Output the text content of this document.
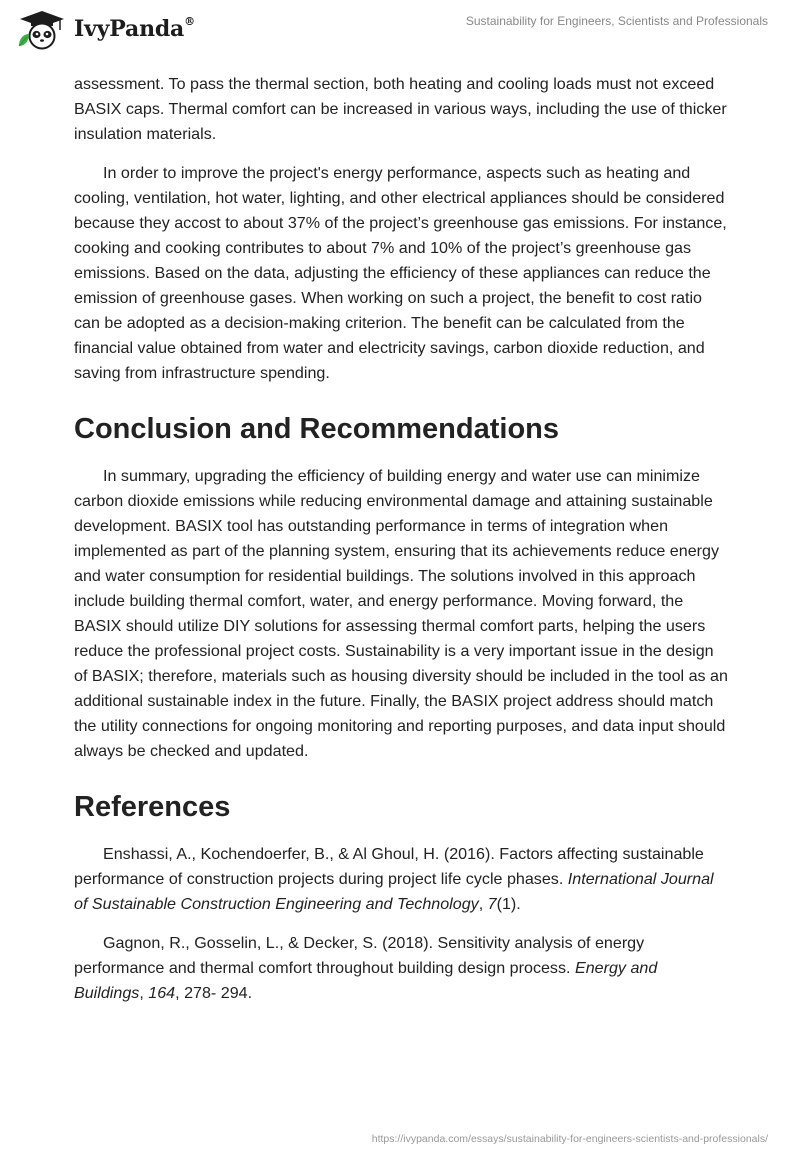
IvyPanda®	Sustainability for Engineers, Scientists and Professionals

assessment. To pass the thermal section, both heating and cooling loads must not exceed BASIX caps. Thermal comfort can be increased in various ways, including the use of thicker insulation materials.

In order to improve the project's energy performance, aspects such as heating and cooling, ventilation, hot water, lighting, and other electrical appliances should be considered because they accost to about 37% of the project’s greenhouse gas emissions. For instance, cooking and cooking contributes to about 7% and 10% of the project’s greenhouse gas emissions. Based on the data, adjusting the efficiency of these appliances can reduce the emission of greenhouse gases. When working on such a project, the benefit to cost ratio can be adopted as a decision-making criterion. The benefit can be calculated from the financial value obtained from water and electricity savings, carbon dioxide reduction, and saving from infrastructure spending.

Conclusion and Recommendations

In summary, upgrading the efficiency of building energy and water use can minimize carbon dioxide emissions while reducing environmental damage and attaining sustainable development. BASIX tool has outstanding performance in terms of integration when implemented as part of the planning system, ensuring that its achievements reduce energy and water consumption for residential buildings. The solutions involved in this approach include building thermal comfort, water, and energy performance. Moving forward, the BASIX should utilize DIY solutions for assessing thermal comfort parts, helping the users reduce the professional project costs. Sustainability is a very important issue in the design of BASIX; therefore, materials such as housing diversity should be included in the tool as an additional sustainable index in the future. Finally, the BASIX project address should match the utility connections for ongoing monitoring and reporting purposes, and data input should always be checked and updated.

References

Enshassi, A., Kochendoerfer, B., & Al Ghoul, H. (2016). Factors affecting sustainable performance of construction projects during project life cycle phases. International Journal of Sustainable Construction Engineering and Technology, 7(1).

Gagnon, R., Gosselin, L., & Decker, S. (2018). Sensitivity analysis of energy performance and thermal comfort throughout building design process. Energy and Buildings, 164, 278- 294.

https://ivypanda.com/essays/sustainability-for-engineers-scientists-and-professionals/
